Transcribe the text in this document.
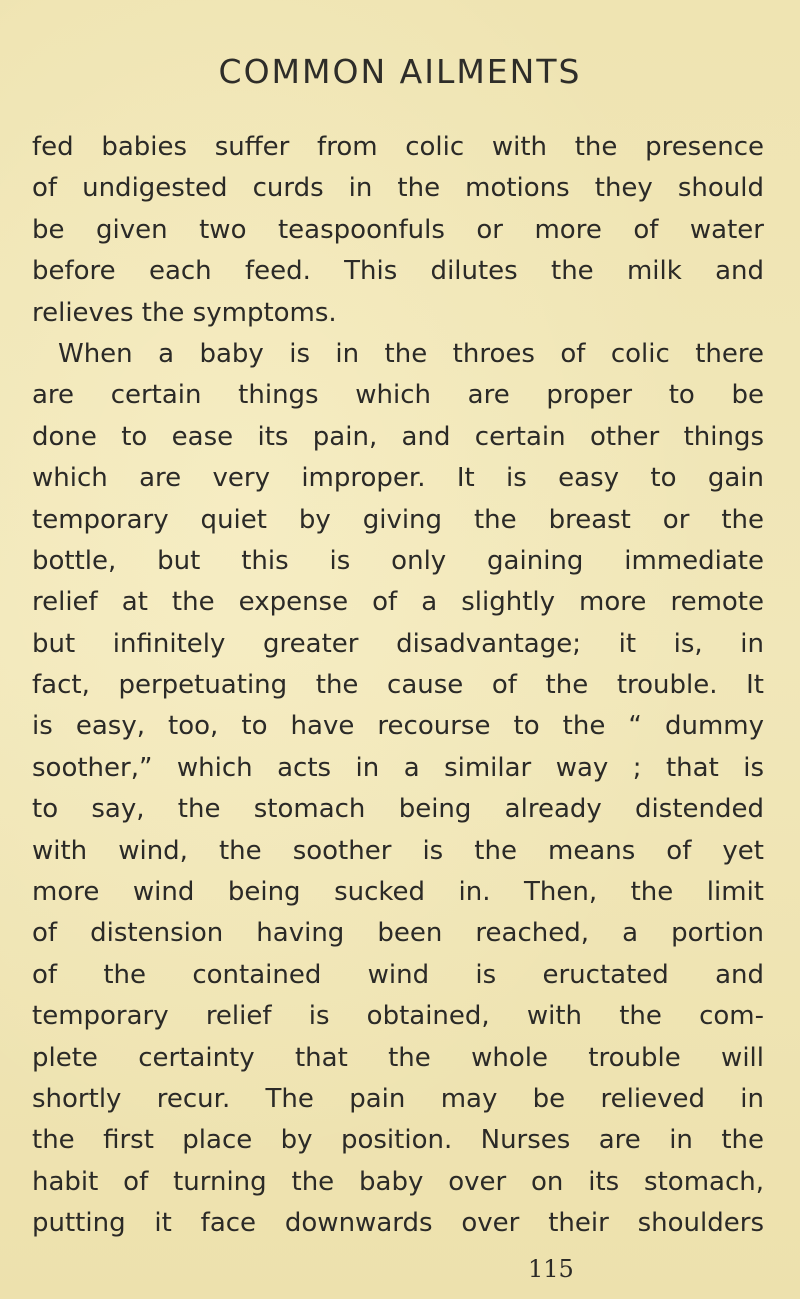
COMMON AILMENTS
fed babies suffer from colic with the presence
of undigested curds in the motions they should
be given two teaspoonfuls or more of water
before each feed. This dilutes the milk and
relieves the symptoms.
When a baby is in the throes of colic there
are certain things which are proper to be
done to ease its pain, and certain other things
which are very improper. It is easy to gain
temporary quiet by giving the breast or the
bottle, but this is only gaining immediate
relief at the expense of a slightly more remote
but infinitely greater disadvantage; it is, in
fact, perpetuating the cause of the trouble. It
is easy, too, to have recourse to the “ dummy
soother,” which acts in a similar way ; that is
to say, the stomach being already distended
with wind, the soother is the means of yet
more wind being sucked in. Then, the limit
of distension having been reached, a portion
of the contained wind is eructated and
temporary relief is obtained, with the com-
plete certainty that the whole trouble will
shortly recur. The pain may be relieved in
the first place by position. Nurses are in the
habit of turning the baby over on its stomach,
putting it face downwards over their shoulders
115
